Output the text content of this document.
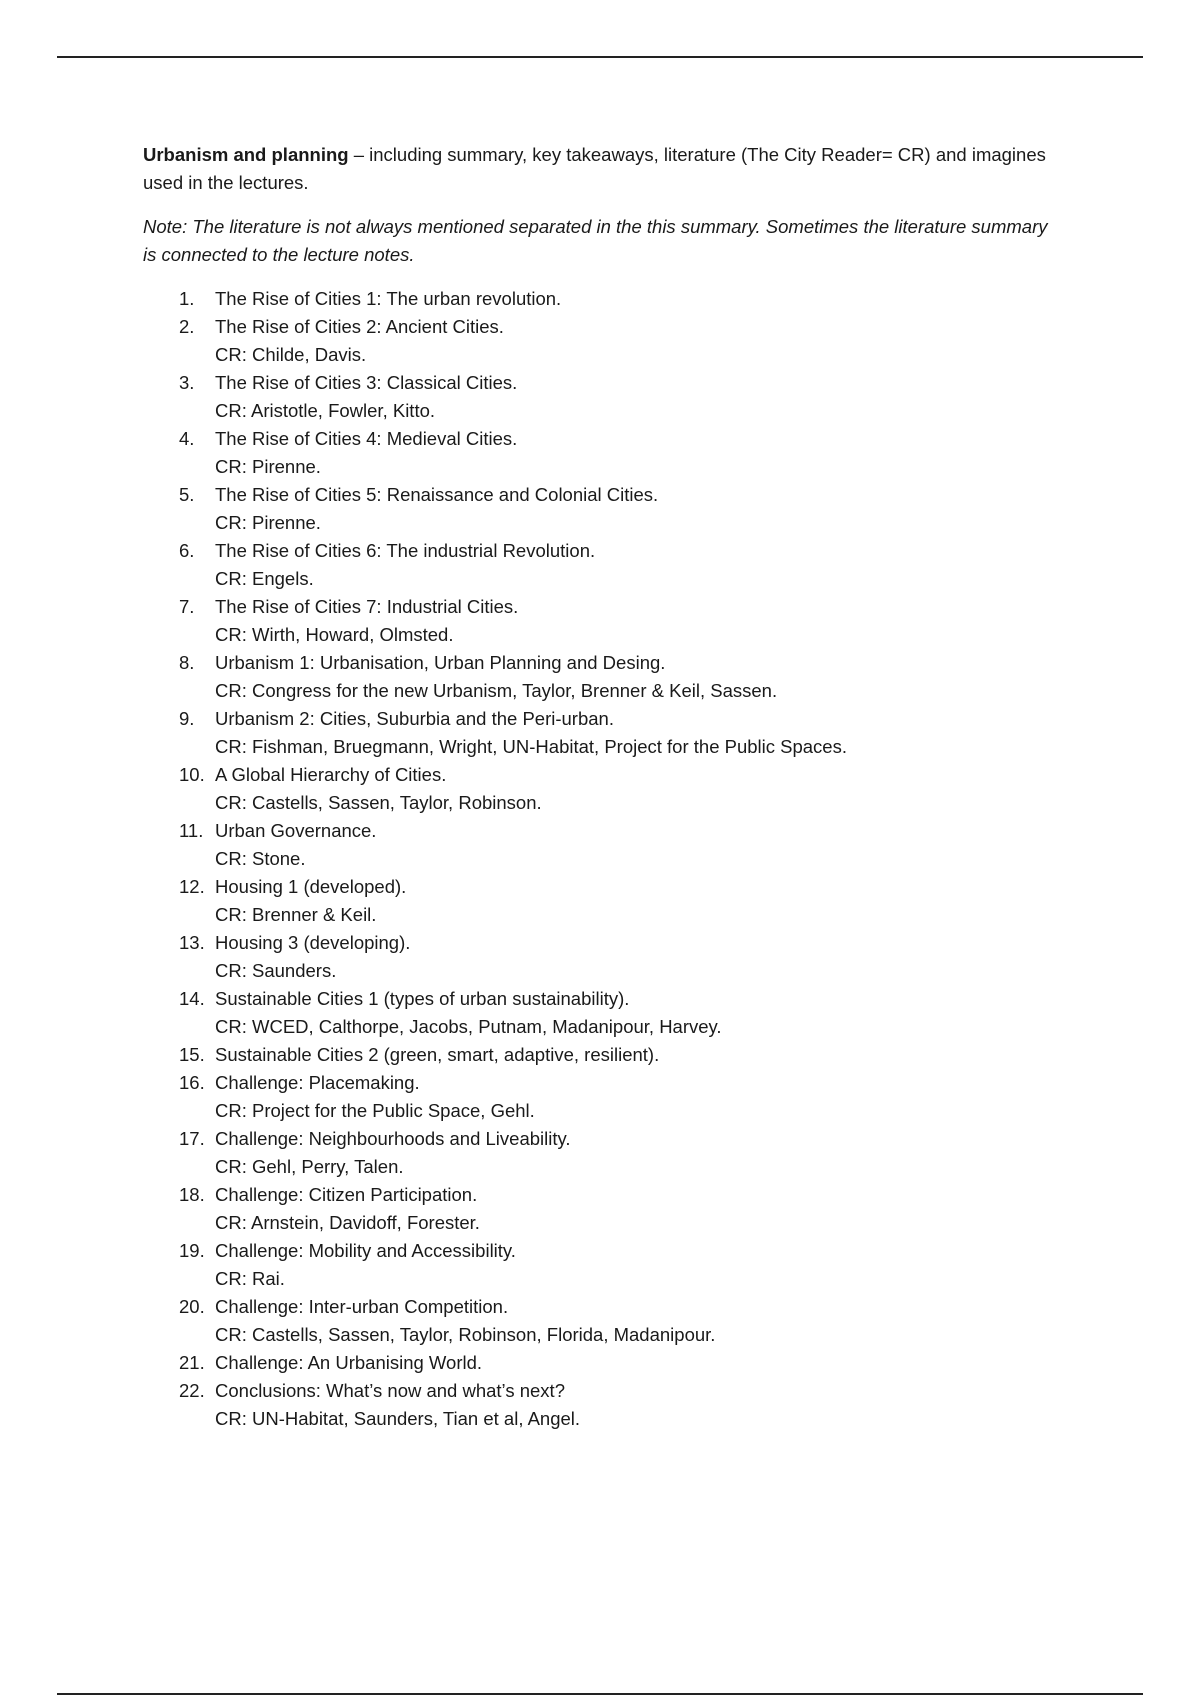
Urbanism and planning – including summary, key takeaways, literature (The City Reader= CR) and imagines used in the lectures.

Note: The literature is not always mentioned separated in the this summary. Sometimes the literature summary is connected to the lecture notes.

1. The Rise of Cities 1: The urban revolution.
2. The Rise of Cities 2: Ancient Cities.
CR: Childe, Davis.
3. The Rise of Cities 3: Classical Cities.
CR: Aristotle, Fowler, Kitto.
4. The Rise of Cities 4: Medieval Cities.
CR: Pirenne.
5. The Rise of Cities 5: Renaissance and Colonial Cities.
CR: Pirenne.
6. The Rise of Cities 6: The industrial Revolution.
CR: Engels.
7. The Rise of Cities 7: Industrial Cities.
CR: Wirth, Howard, Olmsted.
8. Urbanism 1: Urbanisation, Urban Planning and Desing.
CR: Congress for the new Urbanism, Taylor, Brenner & Keil, Sassen.
9. Urbanism 2: Cities, Suburbia and the Peri-urban.
CR: Fishman, Bruegmann, Wright, UN-Habitat, Project for the Public Spaces.
10. A Global Hierarchy of Cities.
CR: Castells, Sassen, Taylor, Robinson.
11. Urban Governance.
CR: Stone.
12. Housing 1 (developed).
CR: Brenner & Keil.
13. Housing 3 (developing).
CR: Saunders.
14. Sustainable Cities 1 (types of urban sustainability).
CR: WCED, Calthorpe, Jacobs, Putnam, Madanipour, Harvey.
15. Sustainable Cities 2 (green, smart, adaptive, resilient).
16. Challenge: Placemaking.
CR: Project for the Public Space, Gehl.
17. Challenge: Neighbourhoods and Liveability.
CR: Gehl, Perry, Talen.
18. Challenge: Citizen Participation.
CR: Arnstein, Davidoff, Forester.
19. Challenge: Mobility and Accessibility.
CR: Rai.
20. Challenge: Inter-urban Competition.
CR: Castells, Sassen, Taylor, Robinson, Florida, Madanipour.
21. Challenge: An Urbanising World.
22. Conclusions: What’s now and what’s next?
CR: UN-Habitat, Saunders, Tian et al, Angel.
